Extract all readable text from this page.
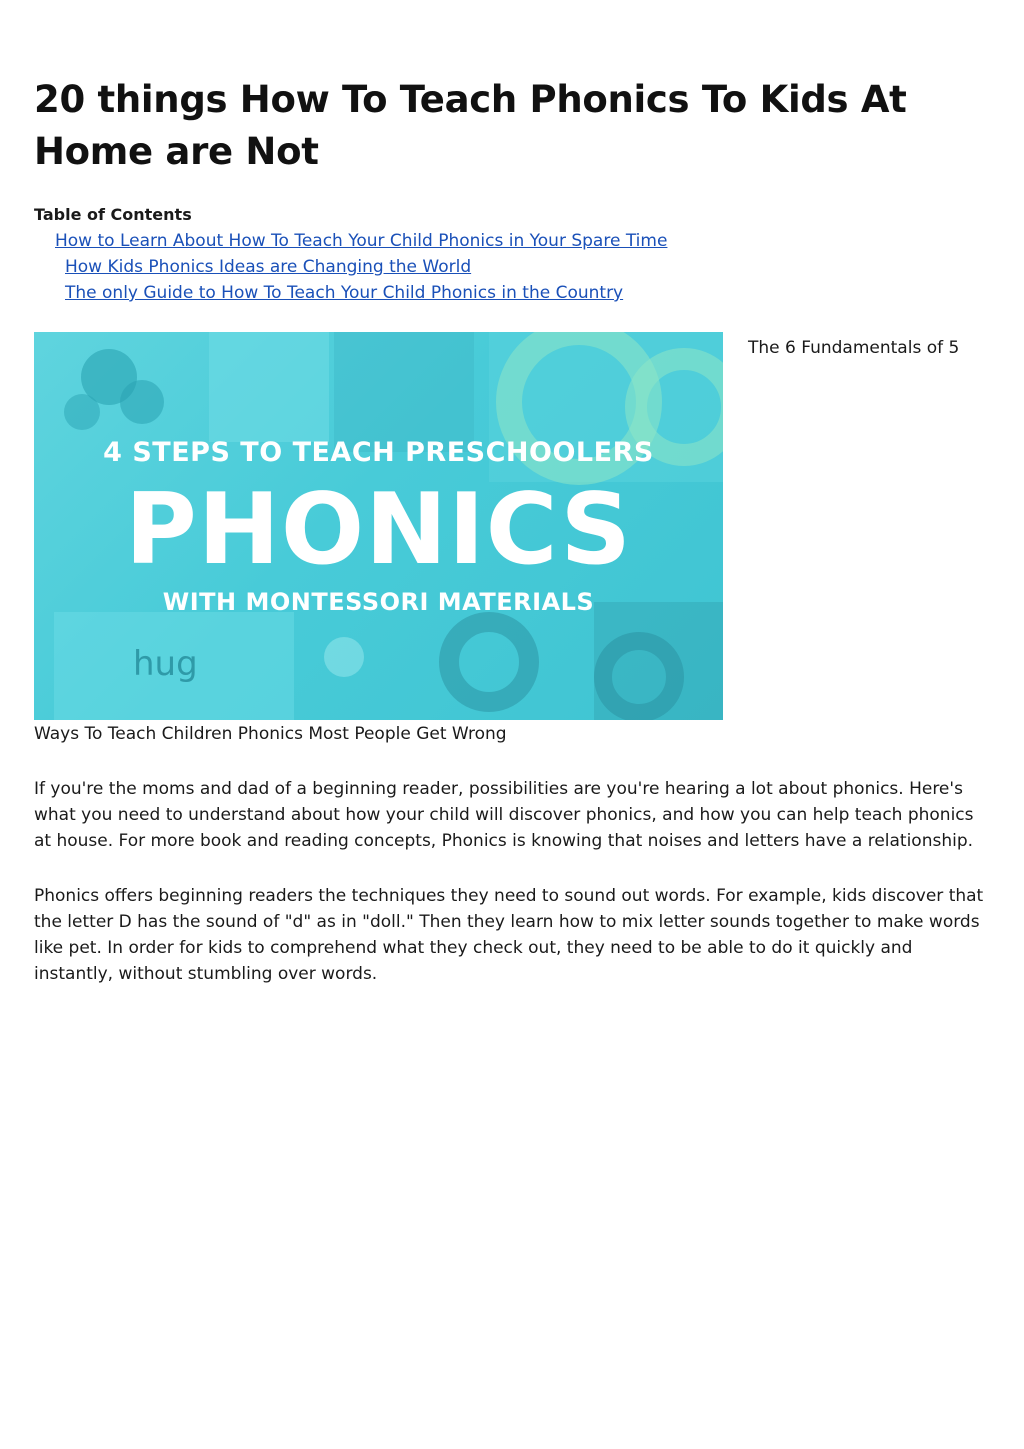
20 things How To Teach Phonics To Kids At Home are Not
Table of Contents
How to Learn About How To Teach Your Child Phonics in Your Spare Time
How Kids Phonics Ideas are Changing the World
The only Guide to How To Teach Your Child Phonics in the Country
4 STEPS TO TEACH PRESCHOOLERS
PHONICS
WITH MONTESSORI MATERIALS
hug
The 6 Fundamentals of 5
Ways To Teach Children Phonics Most People Get Wrong

If you're the moms and dad of a beginning reader, possibilities are you're hearing a lot about phonics. Here's what you need to understand about how your child will discover phonics, and how you can help teach phonics at house. For more book and reading concepts, Phonics is knowing that noises and letters have a relationship.

Phonics offers beginning readers the techniques they need to sound out words. For example, kids discover that the letter D has the sound of "d" as in "doll." Then they learn how to mix letter sounds together to make words like pet. In order for kids to comprehend what they check out, they need to be able to do it quickly and instantly, without stumbling over words.
